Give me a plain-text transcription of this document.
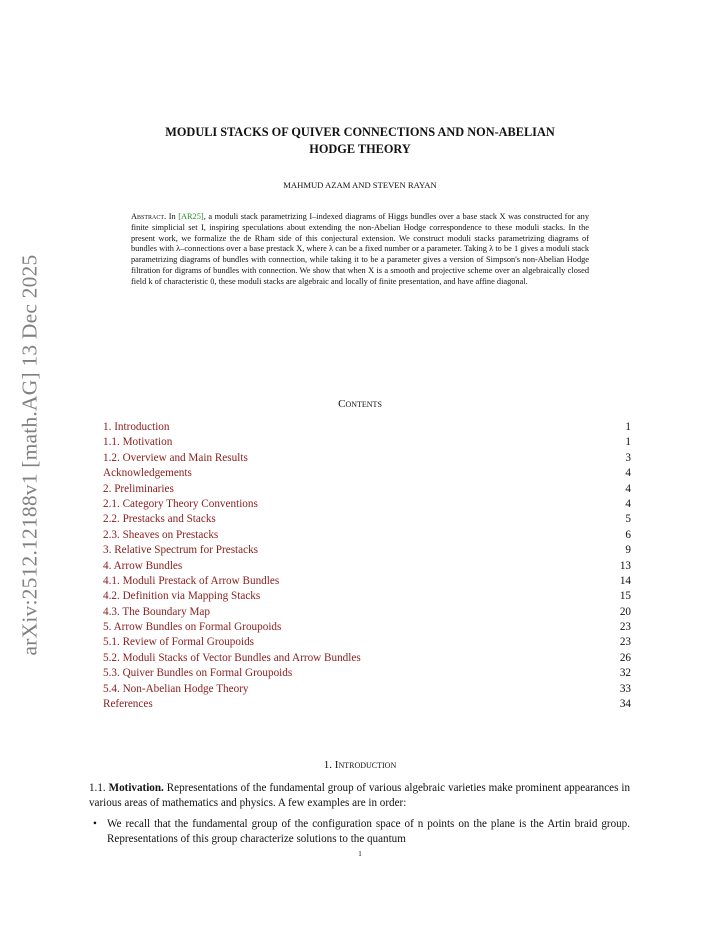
arXiv:2512.12188v1 [math.AG] 13 Dec 2025
MODULI STACKS OF QUIVER CONNECTIONS AND NON-ABELIAN
HODGE THEORY
MAHMUD AZAM AND STEVEN RAYAN
Abstract. In [AR25], a moduli stack parametrizing I–indexed diagrams of Higgs bundles over a base stack X was constructed for any finite simplicial set I, inspiring speculations about extending the non-Abelian Hodge correspondence to these moduli stacks. In the present work, we formalize the de Rham side of this conjectural extension. We construct moduli stacks parametrizing diagrams of bundles with λ–connections over a base prestack X, where λ can be a fixed number or a parameter. Taking λ to be 1 gives a moduli stack parametrizing diagrams of bundles with connection, while taking it to be a parameter gives a version of Simpson's non-Abelian Hodge filtration for digrams of bundles with connection. We show that when X is a smooth and projective scheme over an algebraically closed field k of characteristic 0, these moduli stacks are algebraic and locally of finite presentation, and have affine diagonal.
Contents
1. Introduction	1
1.1. Motivation	1
1.2. Overview and Main Results	3
Acknowledgements	4
2. Preliminaries	4
2.1. Category Theory Conventions	4
2.2. Prestacks and Stacks	5
2.3. Sheaves on Prestacks	6
3. Relative Spectrum for Prestacks	9
4. Arrow Bundles	13
4.1. Moduli Prestack of Arrow Bundles	14
4.2. Definition via Mapping Stacks	15
4.3. The Boundary Map	20
5. Arrow Bundles on Formal Groupoids	23
5.1. Review of Formal Groupoids	23
5.2. Moduli Stacks of Vector Bundles and Arrow Bundles	26
5.3. Quiver Bundles on Formal Groupoids	32
5.4. Non-Abelian Hodge Theory	33
References	34
1. Introduction
1.1. Motivation. Representations of the fundamental group of various algebraic varieties make prominent appearances in various areas of mathematics and physics. A few examples are in order:
• We recall that the fundamental group of the configuration space of n points on the plane is the Artin braid group. Representations of this group characterize solutions to the quantum
1
